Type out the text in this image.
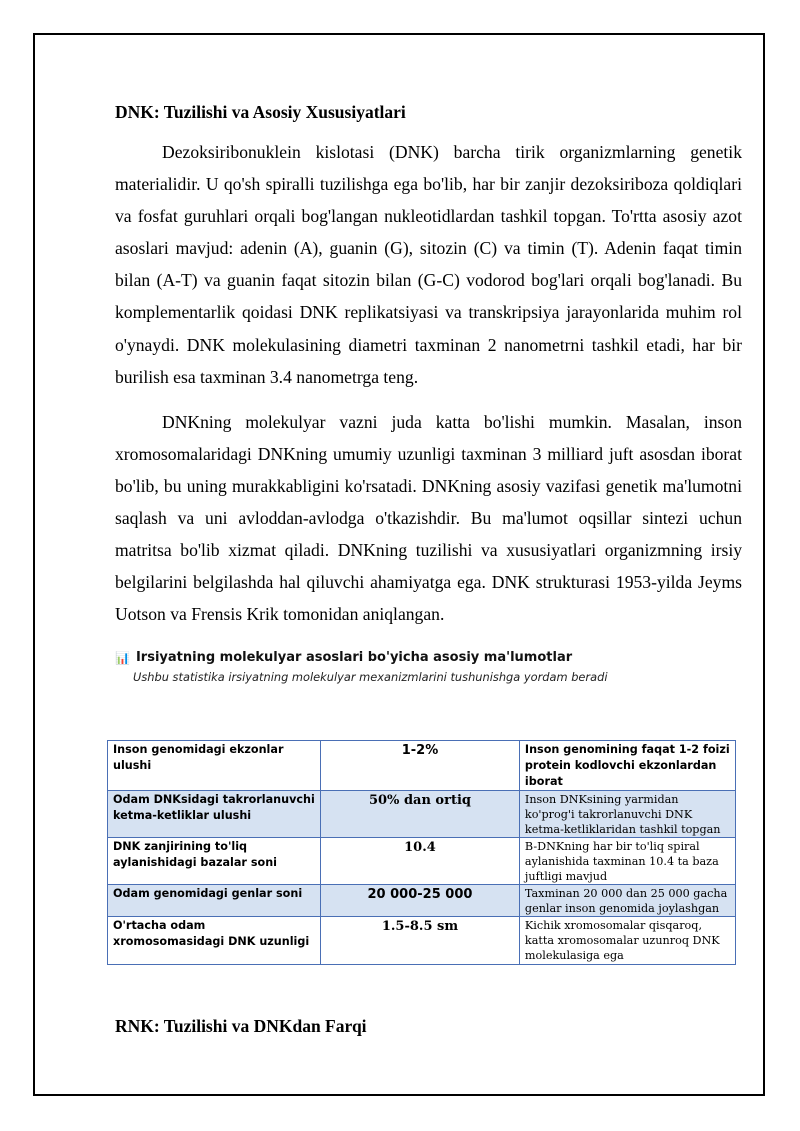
DNK: Tuzilishi va Asosiy Xususiyatlari

Dezoksiribonuklein kislotasi (DNK) barcha tirik organizmlarning genetik materialidir. U qo'sh spiralli tuzilishga ega bo'lib, har bir zanjir dezoksiriboza qoldiqlari va fosfat guruhlari orqali bog'langan nukleotidlardan tashkil topgan. To'rtta asosiy azot asoslari mavjud: adenin (A), guanin (G), sitozin (C) va timin (T). Adenin faqat timin bilan (A-T) va guanin faqat sitozin bilan (G-C) vodorod bog'lari orqali bog'lanadi. Bu komplementarlik qoidasi DNK replikatsiyasi va transkripsiya jarayonlarida muhim rol o'ynaydi. DNK molekulasining diametri taxminan 2 nanometrni tashkil etadi, har bir burilish esa taxminan 3.4 nanometrga teng.

DNKning molekulyar vazni juda katta bo'lishi mumkin. Masalan, inson xromosomalaridagi DNKning umumiy uzunligi taxminan 3 milliard juft asosdan iborat bo'lib, bu uning murakkabligini ko'rsatadi. DNKning asosiy vazifasi genetik ma'lumotni saqlash va uni avloddan-avlodga o'tkazishdir. Bu ma'lumot oqsillar sintezi uchun matritsa bo'lib xizmat qiladi. DNKning tuzilishi va xususiyatlari organizmning irsiy belgilarini belgilashda hal qiluvchi ahamiyatga ega. DNK strukturasi 1953-yilda Jeyms Uotson va Frensis Krik tomonidan aniqlangan.

📊 Irsiyatning molekulyar asoslari bo'yicha asosiy ma'lumotlar
Ushbu statistika irsiyatning molekulyar mexanizmlarini tushunishga yordam beradi
Inson genomidagi ekzonlar ulushi	1-2%	Inson genomining faqat 1-2 foizi protein kodlovchi ekzonlardan iborat
Odam DNKsidagi takrorlanuvchi ketma-ketliklar ulushi	50% dan ortiq	Inson DNKsining yarmidan ko'prog'i takrorlanuvchi DNK ketma-ketliklaridan tashkil topgan
DNK zanjirining to'liq aylanishidagi bazalar soni	10.4	B-DNKning har bir to'liq spiral aylanishida taxminan 10.4 ta baza juftligi mavjud
Odam genomidagi genlar soni	20 000-25 000	Taxminan 20 000 dan 25 000 gacha genlar inson genomida joylashgan
O'rtacha odam xromosomasidagi DNK uzunligi	1.5-8.5 sm	Kichik xromosomalar qisqaroq, katta xromosomalar uzunroq DNK molekulasiga ega
RNK: Tuzilishi va DNKdan Farqi
